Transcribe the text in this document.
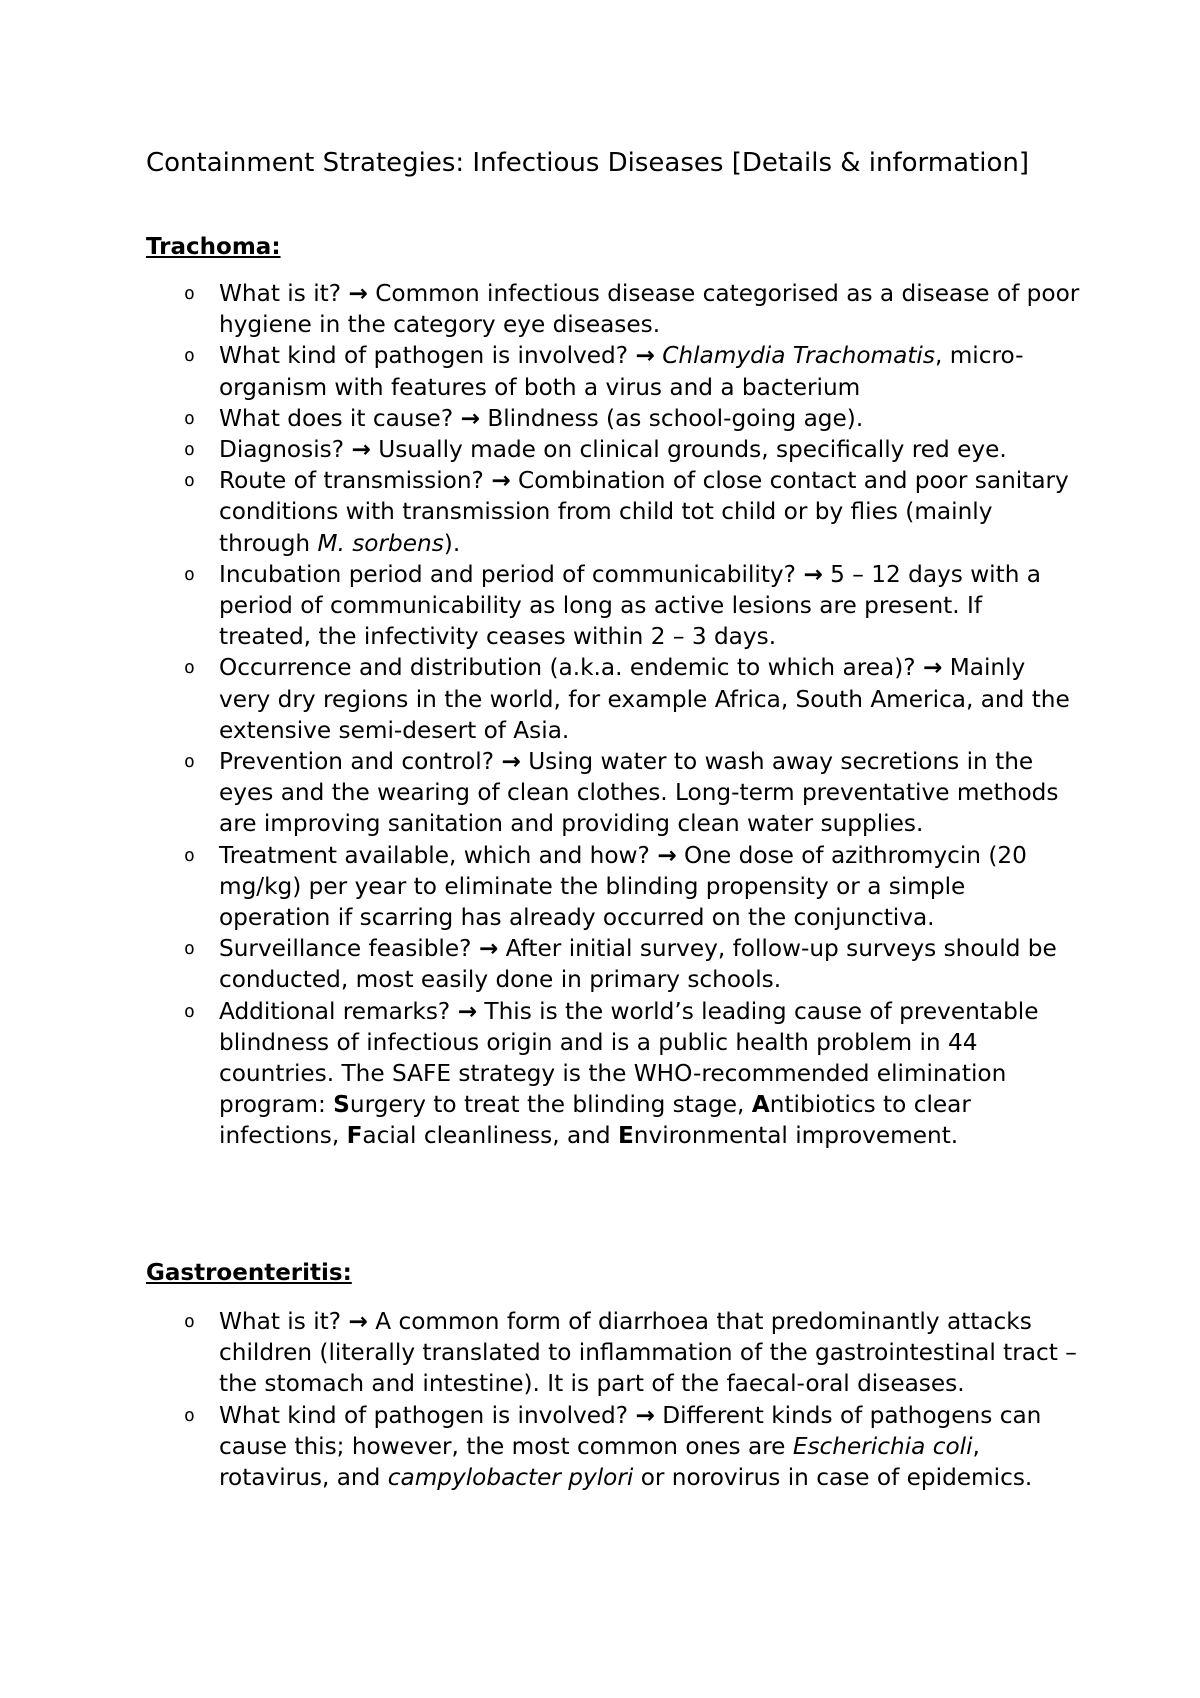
Containment Strategies: Infectious Diseases [Details & information]
Trachoma:
o What is it? → Common infectious disease categorised as a disease of poor hygiene in the category eye diseases.
o What kind of pathogen is involved? → Chlamydia Trachomatis, micro-organism with features of both a virus and a bacterium
o What does it cause? → Blindness (as school-going age).
o Diagnosis? → Usually made on clinical grounds, specifically red eye.
o Route of transmission? → Combination of close contact and poor sanitary conditions with transmission from child tot child or by flies (mainly through M. sorbens).
o Incubation period and period of communicability? → 5 – 12 days with a period of communicability as long as active lesions are present. If treated, the infectivity ceases within 2 – 3 days.
o Occurrence and distribution (a.k.a. endemic to which area)? → Mainly very dry regions in the world, for example Africa, South America, and the extensive semi-desert of Asia.
o Prevention and control? → Using water to wash away secretions in the eyes and the wearing of clean clothes. Long-term preventative methods are improving sanitation and providing clean water supplies.
o Treatment available, which and how? → One dose of azithromycin (20 mg/kg) per year to eliminate the blinding propensity or a simple operation if scarring has already occurred on the conjunctiva.
o Surveillance feasible? → After initial survey, follow-up surveys should be conducted, most easily done in primary schools.
o Additional remarks? → This is the world’s leading cause of preventable blindness of infectious origin and is a public health problem in 44 countries. The SAFE strategy is the WHO-recommended elimination program: Surgery to treat the blinding stage, Antibiotics to clear infections, Facial cleanliness, and Environmental improvement.
Gastroenteritis:
o What is it? → A common form of diarrhoea that predominantly attacks children (literally translated to inflammation of the gastrointestinal tract – the stomach and intestine). It is part of the faecal-oral diseases.
o What kind of pathogen is involved? → Different kinds of pathogens can cause this; however, the most common ones are Escherichia coli, rotavirus, and campylobacter pylori or norovirus in case of epidemics.
